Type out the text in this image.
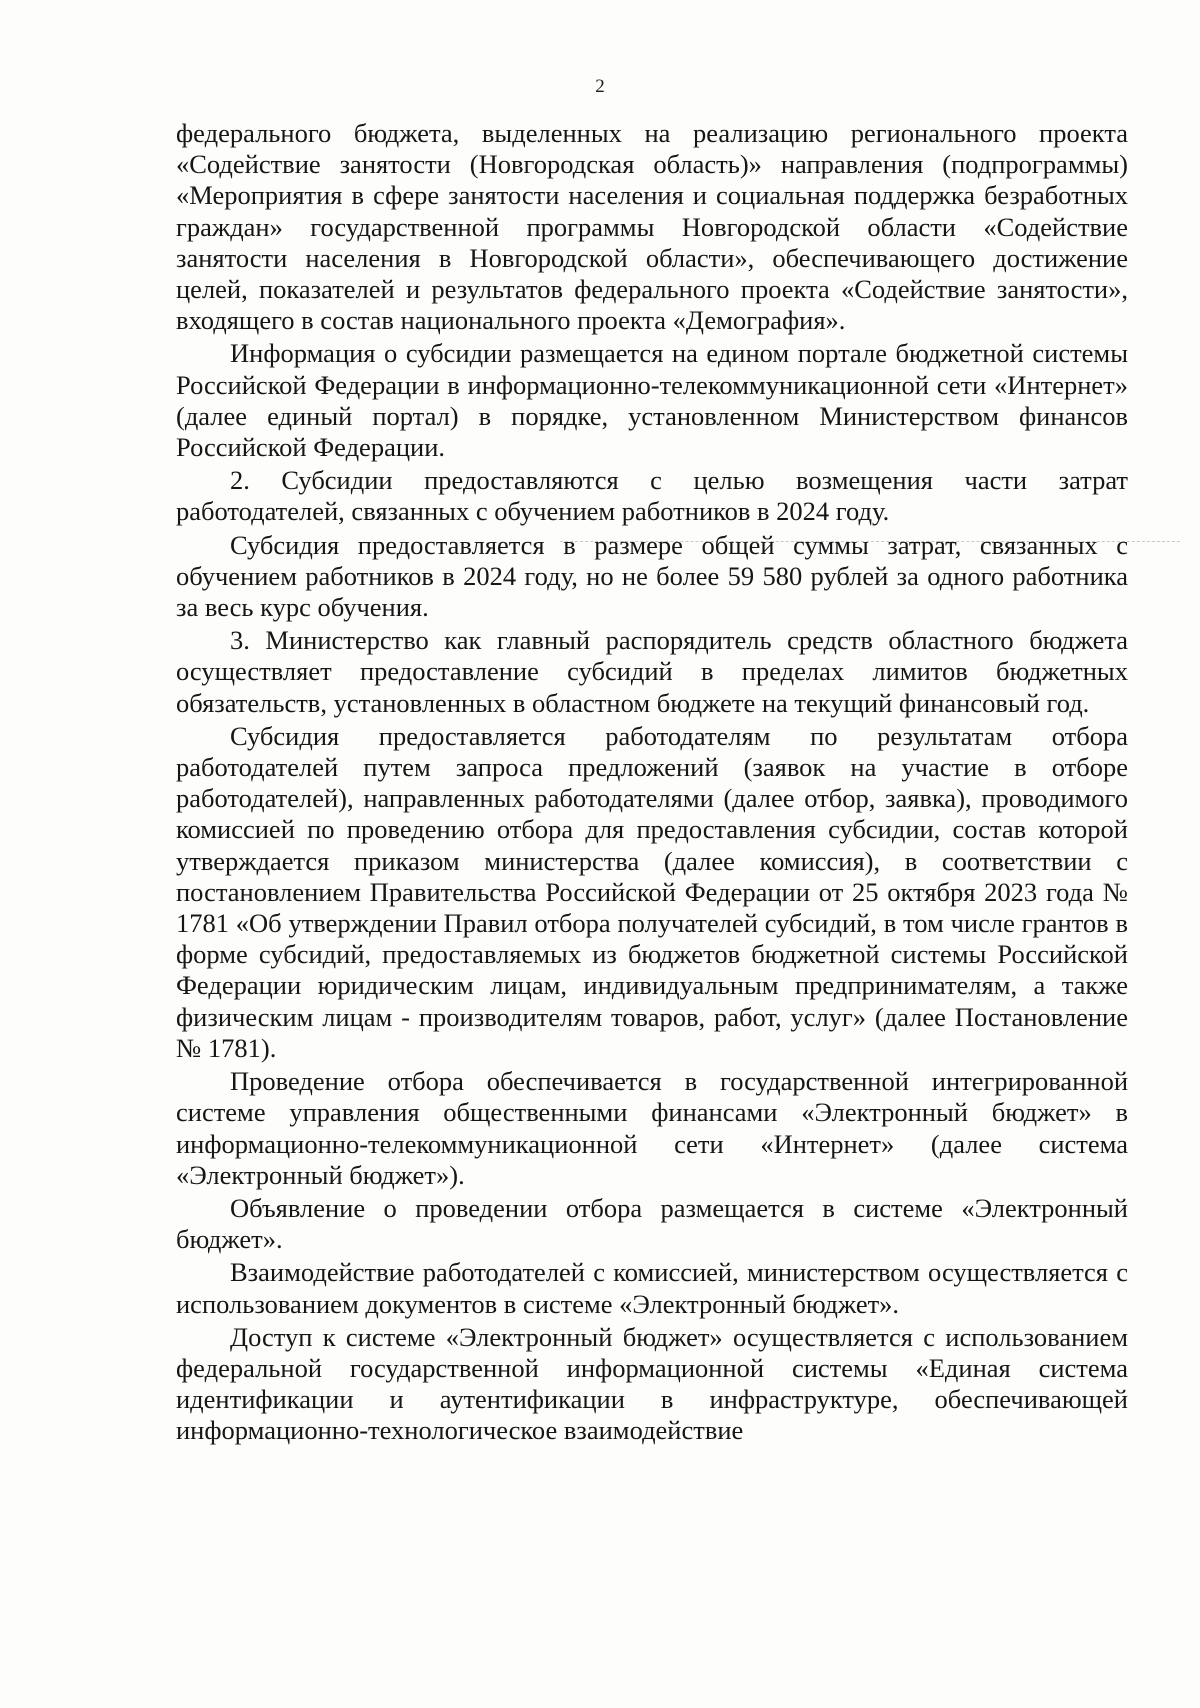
2

федерального бюджета, выделенных на реализацию регионального проекта «Содействие занятости (Новгородская область)» направления (подпрограммы) «Мероприятия в сфере занятости населения и социальная поддержка безработных граждан» государственной программы Новгородской области «Содействие занятости населения в Новгородской области», обеспечивающего достижение целей, показателей и результатов федерального проекта «Содействие занятости», входящего в состав национального проекта «Демография».

Информация о субсидии размещается на едином портале бюджетной системы Российской Федерации в информационно-телекоммуникационной сети «Интернет» (далее единый портал) в порядке, установленном Министерством финансов Российской Федерации.

2. Субсидии предоставляются с целью возмещения части затрат работодателей, связанных с обучением работников в 2024 году.

Субсидия предоставляется в размере общей суммы затрат, связанных с обучением работников в 2024 году, но не более 59 580 рублей за одного работника за весь курс обучения.

3. Министерство как главный распорядитель средств областного бюджета осуществляет предоставление субсидий в пределах лимитов бюджетных обязательств, установленных в областном бюджете на текущий финансовый год.

Субсидия предоставляется работодателям по результатам отбора работодателей путем запроса предложений (заявок на участие в отборе работодателей), направленных работодателями (далее отбор, заявка), проводимого комиссией по проведению отбора для предоставления субсидии, состав которой утверждается приказом министерства (далее комиссия), в соответствии с постановлением Правительства Российской Федерации от 25 октября 2023 года № 1781 «Об утверждении Правил отбора получателей субсидий, в том числе грантов в форме субсидий, предоставляемых из бюджетов бюджетной системы Российской Федерации юридическим лицам, индивидуальным предпринимателям, а также физическим лицам - производителям товаров, работ, услуг» (далее Постановление № 1781).

Проведение отбора обеспечивается в государственной интегрированной системе управления общественными финансами «Электронный бюджет» в информационно-телекоммуникационной сети «Интернет» (далее система «Электронный бюджет»).

Объявление о проведении отбора размещается в системе «Электронный бюджет».

Взаимодействие работодателей с комиссией, министерством осуществляется с использованием документов в системе «Электронный бюджет».

Доступ к системе «Электронный бюджет» осуществляется с использованием федеральной государственной информационной системы «Единая система идентификации и аутентификации в инфраструктуре, обеспечивающей информационно-технологическое взаимодействие
